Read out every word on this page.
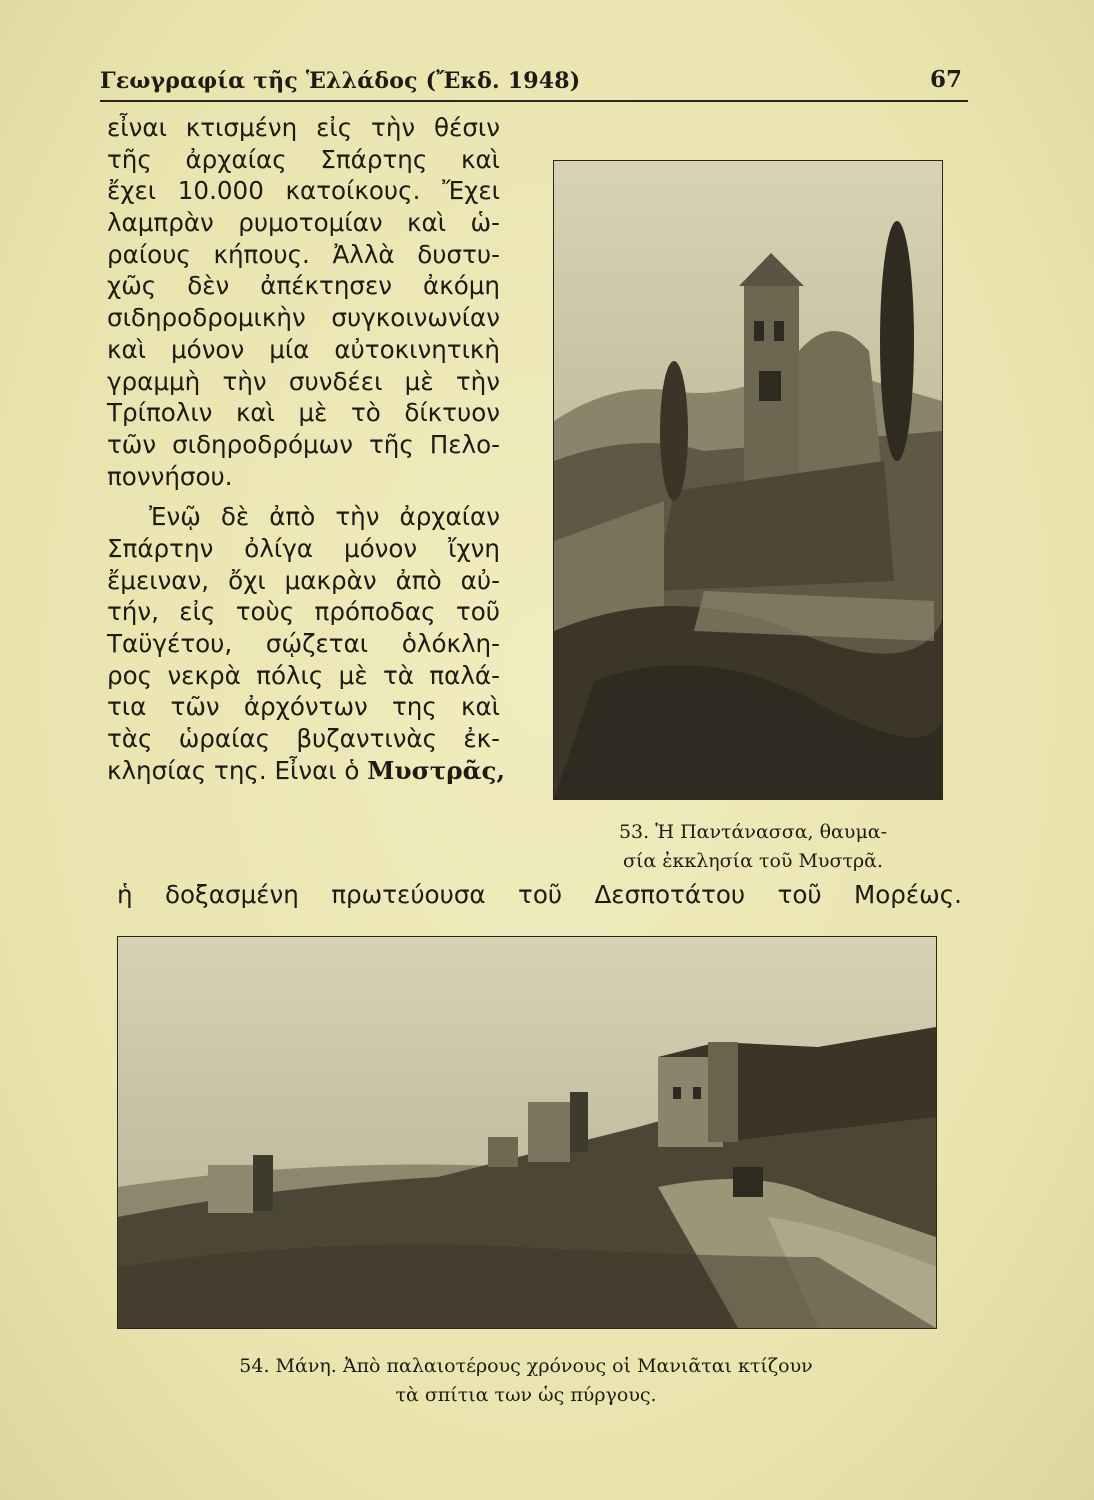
Γεωγραφία τῆς Ἑλλάδος (Ἔκδ. 1948)	67
εἶναι κτισμένη εἰς τὴν θέσιν
τῆς ἀρχαίας Σπάρτης καὶ
ἔχει 10.000 κατοίκους. Ἔχει
λαμπρὰν ρυμοτομίαν καὶ ὡ-
ραίους κήπους. Ἀλλὰ δυστυ-
χῶς δὲν ἀπέκτησεν ἀκόμη
σιδηροδρομικὴν συγκοινωνίαν
καὶ μόνον μία αὐτοκινητικὴ
γραμμὴ τὴν συνδέει μὲ τὴν
Τρίπολιν καὶ μὲ τὸ δίκτυον
τῶν σιδηροδρόμων τῆς Πελο-
ποννήσου.
Ἐνῷ δὲ ἀπὸ τὴν ἀρχαίαν
Σπάρτην ὀλίγα μόνον ἴχνη
ἔμειναν, ὄχι μακρὰν ἀπὸ αὐ-
τήν, εἰς τοὺς πρόποδας τοῦ
Ταϋγέτου, σῴζεται ὁλόκλη-
ρος νεκρὰ πόλις μὲ τὰ παλά-
τια τῶν ἀρχόντων της καὶ
τὰς ὡραίας βυζαντινὰς ἐκ-
κλησίας της. Εἶναι ὁ Μυστρᾶς,
ἡ δοξασμένη πρωτεύουσα τοῦ Δεσποτάτου τοῦ Μορέως.
53. Ἡ Παντάνασσα, θαυμα-
σία ἐκκλησία τοῦ Μυστρᾶ.
54. Μάνη. Ἀπὸ παλαιοτέρους χρόνους οἱ Μανιᾶται κτίζουν
τὰ σπίτια των ὡς πύργους.
